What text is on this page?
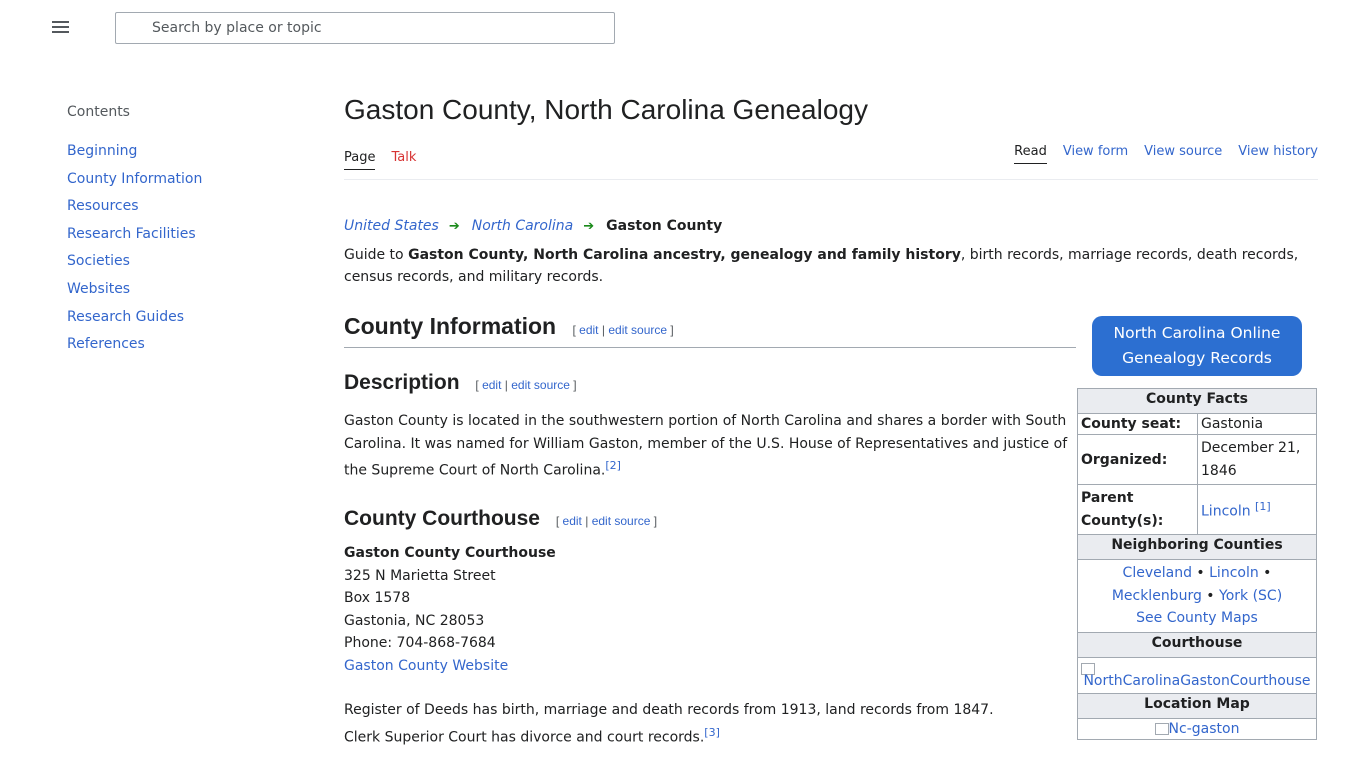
Search by place or topic
Contents
Beginning
County Information
Resources
Research Facilities
Societies
Websites
Research Guides
References
Gaston County, North Carolina Genealogy
Page Talk	Read View form View source View history
United States ➔ North Carolina ➔ Gaston County

Guide to Gaston County, North Carolina ancestry, genealogy and family history, birth records, marriage records, death records, census records, and military records.

County Information [ edit | edit source ]
Description [ edit | edit source ]

Gaston County is located in the southwestern portion of North Carolina and shares a border with South Carolina. It was named for William Gaston, member of the U.S. House of Representatives and justice of the Supreme Court of North Carolina.[2]

County Courthouse [ edit | edit source ]
Gaston County Courthouse
325 N Marietta Street
Box 1578
Gastonia, NC 28053
Phone: 704-868-7684
Gaston County Website
Register of Deeds has birth, marriage and death records from 1913, land records from 1847.
Clerk Superior Court has divorce and court records.[3]
North Carolina Online
Genealogy Records
County Facts	
County seat:	Gastonia
Organized:	December 21, 1846
Parent County(s):	Lincoln [1]
Neighboring Counties	
Cleveland • Lincoln •
Mecklenburg • York (SC)
See County Maps	
Courthouse	

NorthCarolinaGastonCourthouse	
Location Map	
Nc-gaston	
